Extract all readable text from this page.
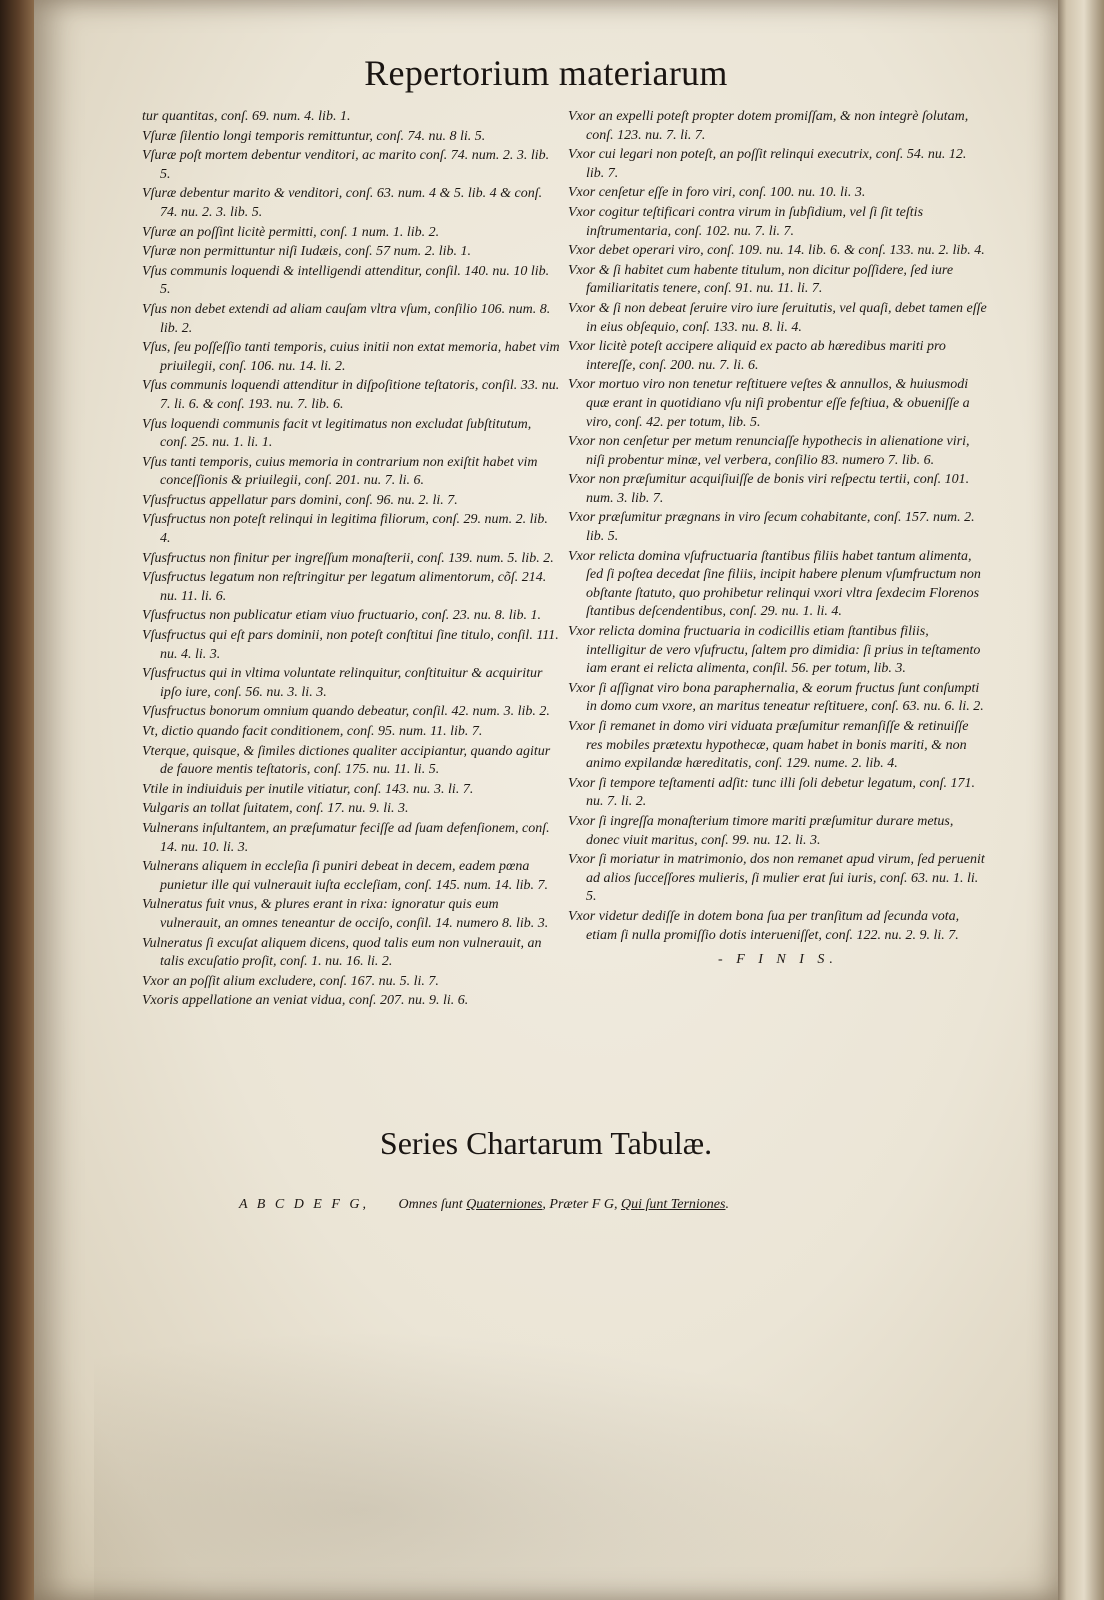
Repertorium materiarum

tur quantitas, conſ. 69. num. 4. lib. 1.

Vſuræ ſilentio longi temporis remittuntur, conſ. 74. nu. 8 li. 5.

Vſuræ poſt mortem debentur venditori, ac marito conſ. 74. num. 2. 3. lib. 5.

Vſuræ debentur marito & venditori, conſ. 63. num. 4 & 5. lib. 4 & conſ. 74. nu. 2. 3. lib. 5.

Vſuræ an poſſint licitè permitti, conſ. 1 num. 1. lib. 2.

Vſuræ non permittuntur niſi Iudæis, conſ. 57 num. 2. lib. 1.

Vſus communis loquendi & intelligendi attenditur, conſil. 140. nu. 10 lib. 5.

Vſus non debet extendi ad aliam cauſam vltra vſum, conſilio 106. num. 8. lib. 2.

Vſus, ſeu poſſeſſio tanti temporis, cuius initii non extat memoria, habet vim priuilegii, conſ. 106. nu. 14. li. 2.

Vſus communis loquendi attenditur in diſpoſitione teſtatoris, conſil. 33. nu. 7. li. 6. & conſ. 193. nu. 7. lib. 6.

Vſus loquendi communis facit vt legitimatus non excludat ſubſtitutum, conſ. 25. nu. 1. li. 1.

Vſus tanti temporis, cuius memoria in contrarium non exiſtit habet vim conceſſionis & priuilegii, conſ. 201. nu. 7. li. 6.

Vſusfructus appellatur pars domini, conſ. 96. nu. 2. li. 7.

Vſusfructus non poteſt relinqui in legitima filiorum, conſ. 29. num. 2. lib. 4.

Vſusfructus non finitur per ingreſſum monaſterii, conſ. 139. num. 5. lib. 2.

Vſusfructus legatum non reſtringitur per legatum alimentorum, cõſ. 214. nu. 11. li. 6.

Vſusfructus non publicatur etiam viuo fructuario, conſ. 23. nu. 8. lib. 1.

Vſusfructus qui eſt pars dominii, non poteſt conſtitui ſine titulo, conſil. 111. nu. 4. li. 3.

Vſusfructus qui in vltima voluntate relinquitur, conſtituitur & acquiritur ipſo iure, conſ. 56. nu. 3. li. 3.

Vſusfructus bonorum omnium quando debeatur, conſil. 42. num. 3. lib. 2.

Vt, dictio quando facit conditionem, conſ. 95. num. 11. lib. 7.

Vterque, quisque, & ſimiles dictiones qualiter accipiantur, quando agitur de fauore mentis teſtatoris, conſ. 175. nu. 11. li. 5.

Vtile in indiuiduis per inutile vitiatur, conſ. 143. nu. 3. li. 7.

Vulgaris an tollat ſuitatem, conſ. 17. nu. 9. li. 3.

Vulnerans inſultantem, an præſumatur feciſſe ad ſuam defenſionem, conſ. 14. nu. 10. li. 3.

Vulnerans aliquem in eccleſia ſi puniri debeat in decem, eadem pœna punietur ille qui vulnerauit iuſta eccleſiam, conſ. 145. num. 14. lib. 7.

Vulneratus fuit vnus, & plures erant in rixa: ignoratur quis eum vulnerauit, an omnes teneantur de occiſo, conſil. 14. numero 8. lib. 3.

Vulneratus ſi excuſat aliquem dicens, quod talis eum non vulnerauit, an talis excuſatio proſit, conſ. 1. nu. 16. li. 2.

Vxor an poſſit alium excludere, conſ. 167. nu. 5. li. 7.

Vxoris appellatione an veniat vidua, conſ. 207. nu. 9. li. 6.

Vxor an expelli poteſt propter dotem promiſſam, & non integrè ſolutam, conſ. 123. nu. 7. li. 7.

Vxor cui legari non poteſt, an poſſit relinqui executrix, conſ. 54. nu. 12. lib. 7.

Vxor cenſetur eſſe in foro viri, conſ. 100. nu. 10. li. 3.

Vxor cogitur teſtificari contra virum in ſubſidium, vel ſi ſit teſtis inſtrumentaria, conſ. 102. nu. 7. li. 7.

Vxor debet operari viro, conſ. 109. nu. 14. lib. 6. & conſ. 133. nu. 2. lib. 4.

Vxor & ſi habitet cum habente titulum, non dicitur poſſidere, ſed iure familiaritatis tenere, conſ. 91. nu. 11. li. 7.

Vxor & ſi non debeat ſeruire viro iure ſeruitutis, vel quaſi, debet tamen eſſe in eius obſequio, conſ. 133. nu. 8. li. 4.

Vxor licitè poteſt accipere aliquid ex pacto ab hæredibus mariti pro intereſſe, conſ. 200. nu. 7. li. 6.

Vxor mortuo viro non tenetur reſtituere veſtes & annullos, & huiusmodi quæ erant in quotidiano vſu niſi probentur eſſe feſtiua, & obueniſſe a viro, conſ. 42. per totum, lib. 5.

Vxor non cenſetur per metum renunciaſſe hypothecis in alienatione viri, niſi probentur minæ, vel verbera, conſilio 83. numero 7. lib. 6.

Vxor non præſumitur acquiſiuiſſe de bonis viri reſpectu tertii, conſ. 101. num. 3. lib. 7.

Vxor præſumitur prægnans in viro ſecum cohabitante, conſ. 157. num. 2. lib. 5.

Vxor relicta domina vſufructuaria ſtantibus filiis habet tantum alimenta, ſed ſi poſtea decedat ſine filiis, incipit habere plenum vſumfructum non obſtante ſtatuto, quo prohibetur relinqui vxori vltra ſexdecim Florenos ſtantibus deſcendentibus, conſ. 29. nu. 1. li. 4.

Vxor relicta domina fructuaria in codicillis etiam ſtantibus filiis, intelligitur de vero vſufructu, ſaltem pro dimidia: ſi prius in teſtamento iam erant ei relicta alimenta, conſil. 56. per totum, lib. 3.

Vxor ſi aſſignat viro bona paraphernalia, & eorum fructus ſunt conſumpti in domo cum vxore, an maritus teneatur reſtituere, conſ. 63. nu. 6. li. 2.

Vxor ſi remanet in domo viri viduata præſumitur remanſiſſe & retinuiſſe res mobiles prætextu hypothecæ, quam habet in bonis mariti, & non animo expilandæ hæreditatis, conſ. 129. nume. 2. lib. 4.

Vxor ſi tempore teſtamenti adſit: tunc illi ſoli debetur legatum, conſ. 171. nu. 7. li. 2.

Vxor ſi ingreſſa monaſterium timore mariti præſumitur durare metus, donec viuit maritus, conſ. 99. nu. 12. li. 3.

Vxor ſi moriatur in matrimonio, dos non remanet apud virum, ſed peruenit ad alios ſucceſſores mulieris, ſi mulier erat ſui iuris, conſ. 63. nu. 1. li. 5.

Vxor videtur dediſſe in dotem bona ſua per tranſitum ad ſecunda vota, etiam ſi nulla promiſſio dotis interueniſſet, conſ. 122. nu. 2. 9. li. 7.

- F I N I S.
Series Chartarum Tabulæ.
A B C D E F G, Omnes ſunt Quaterniones, Præter F G, Qui ſunt Terniones.
